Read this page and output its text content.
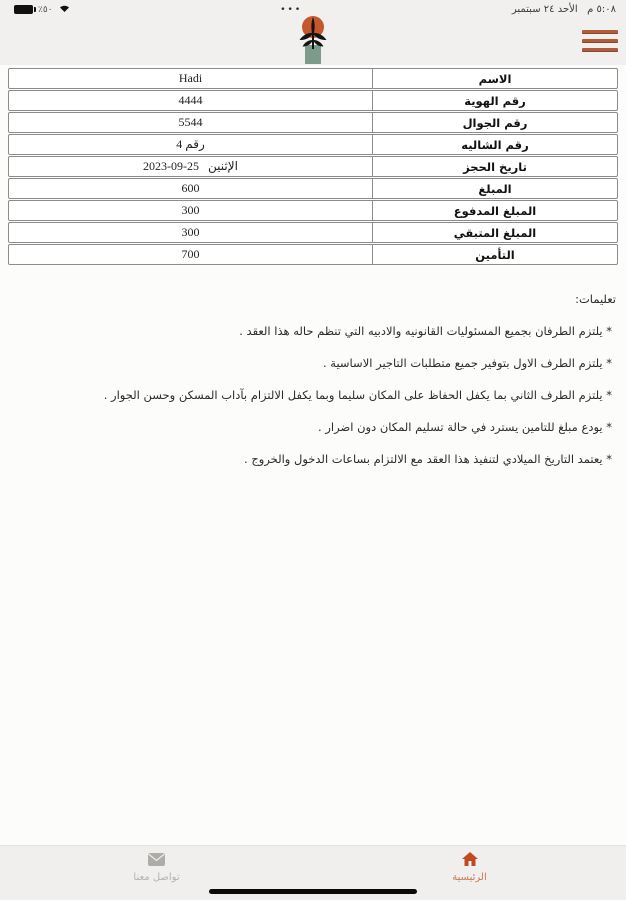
٥:٠٨ م   الأحد ٢٤ سبتمبر
•••
٪٥٠
الاسم
Hadi
رقم الهوية
4444
رقم الجوال
5544
رقم الشاليه
رقم 4
تاريخ الحجز
الإثنين   25-09-2023
المبلغ
600
المبلغ المدفوع
300
المبلغ المتبقي
300
التأمين
700
تعليمات:
* يلتزم الطرفان بجميع المسئوليات القانونيه والادبيه التي تنظم حاله هذا العقد .
* يلتزم الطرف الاول بتوفير جميع متطلبات التاجير الاساسية .
* يلتزم الطرف الثاني بما يكفل الحفاظ على المكان سليما وبما يكفل الالتزام بآداب المسكن وحسن الجوار .
* يودع مبلغ للتامين يسترد في حالة تسليم المكان دون اضرار .
* يعتمد التاريخ الميلادي لتنفيذ هذا العقد مع الالتزام بساعات الدخول والخروج .
الرئيسية
تواصل معنا
